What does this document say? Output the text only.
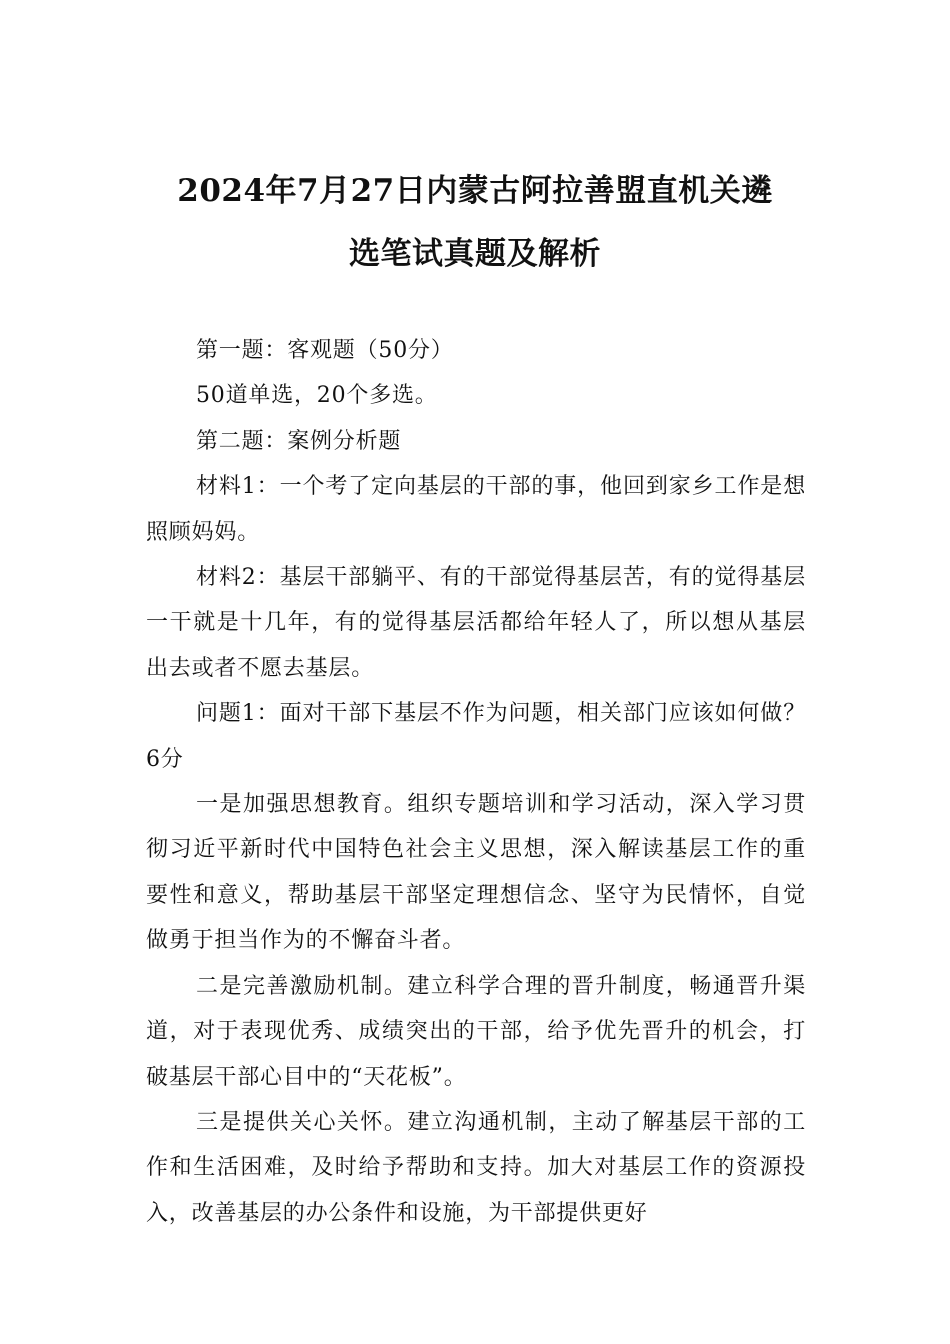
2024年7月27日内蒙古阿拉善盟直机关遴
选笔试真题及解析

第一题：客观题（50分）

50道单选，20个多选。

第二题：案例分析题

材料1：一个考了定向基层的干部的事，他回到家乡工作是想照顾妈妈。

材料2：基层干部躺平、有的干部觉得基层苦，有的觉得基层一干就是十几年，有的觉得基层活都给年轻人了，所以想从基层出去或者不愿去基层。

问题1：面对干部下基层不作为问题，相关部门应该如何做？6分

一是加强思想教育。组织专题培训和学习活动，深入学习贯彻习近平新时代中国特色社会主义思想，深入解读基层工作的重要性和意义，帮助基层干部坚定理想信念、坚守为民情怀，自觉做勇于担当作为的不懈奋斗者。

二是完善激励机制。建立科学合理的晋升制度，畅通晋升渠道，对于表现优秀、成绩突出的干部，给予优先晋升的机会，打破基层干部心目中的“天花板”。

三是提供关心关怀。建立沟通机制，主动了解基层干部的工作和生活困难，及时给予帮助和支持。加大对基层工作的资源投入，改善基层的办公条件和设施，为干部提供更好
